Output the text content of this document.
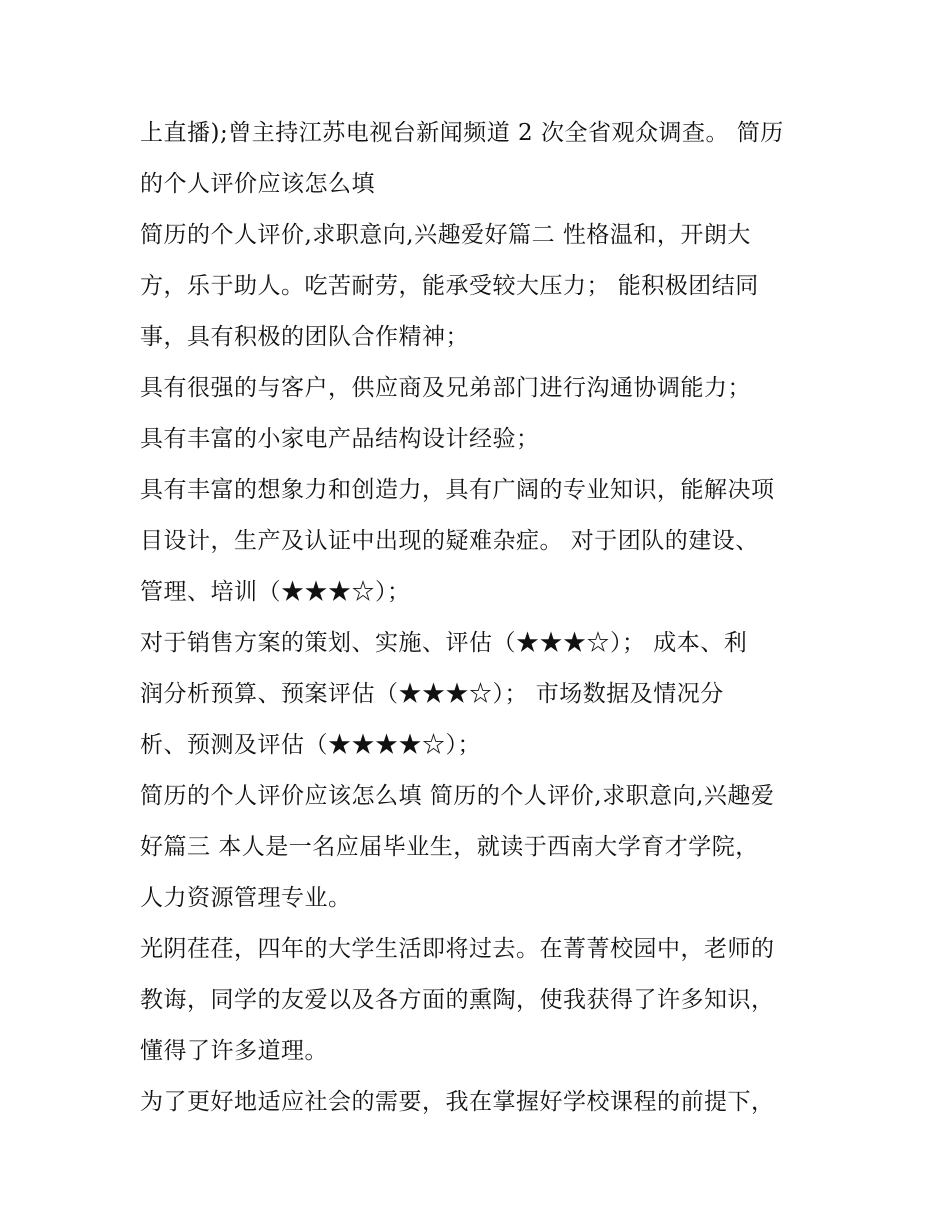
上直播);曾主持江苏电视台新闻频道 2 次全省观众调查。 简历
的个人评价应该怎么填
简历的个人评价,求职意向,兴趣爱好篇二 性格温和，开朗大
方，乐于助人。吃苦耐劳，能承受较大压力； 能积极团结同
事，具有积极的团队合作精神；
具有很强的与客户，供应商及兄弟部门进行沟通协调能力；
具有丰富的小家电产品结构设计经验；
具有丰富的想象力和创造力，具有广阔的专业知识，能解决项
目设计，生产及认证中出现的疑难杂症。 对于团队的建设、
管理、培训（★★★☆）；
对于销售方案的策划、实施、评估（★★★☆）； 成本、利
润分析预算、预案评估（★★★☆）； 市场数据及情况分
析、预测及评估（★★★★☆）；
简历的个人评价应该怎么填 简历的个人评价,求职意向,兴趣爱
好篇三 本人是一名应届毕业生，就读于西南大学育才学院，
人力资源管理专业。
光阴荏荏，四年的大学生活即将过去。在菁菁校园中，老师的
教诲，同学的友爱以及各方面的熏陶，使我获得了许多知识，
懂得了许多道理。
为了更好地适应社会的需要，我在掌握好学校课程的前提下，
